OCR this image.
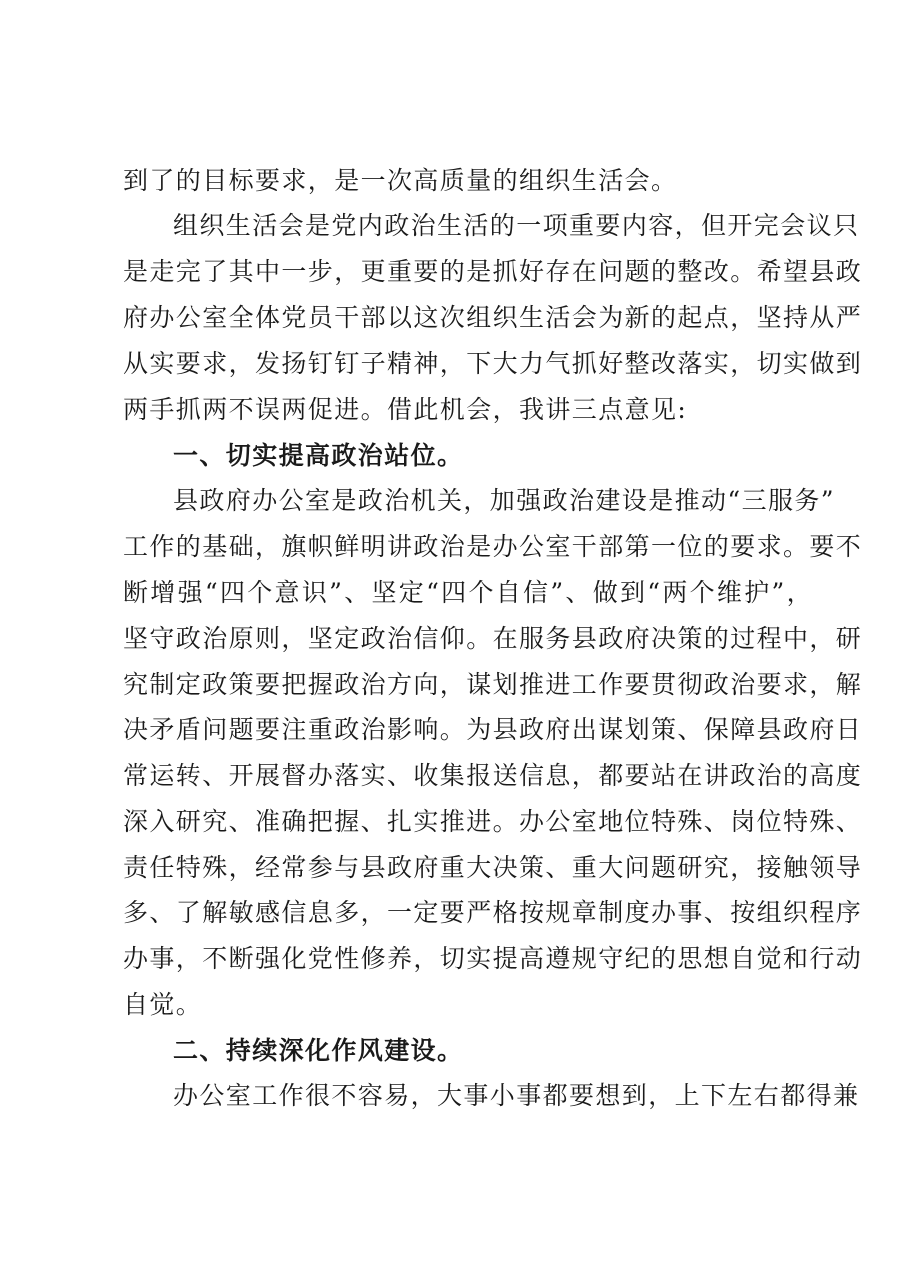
到了的目标要求，是一次高质量的组织生活会。
组织生活会是党内政治生活的一项重要内容，但开完会议只
是走完了其中一步，更重要的是抓好存在问题的整改。希望县政
府办公室全体党员干部以这次组织生活会为新的起点，坚持从严
从实要求，发扬钉钉子精神，下大力气抓好整改落实，切实做到
两手抓两不误两促进。借此机会，我讲三点意见:
一、切实提高政治站位。
县政府办公室是政治机关，加强政治建设是推动“三服务”
工作的基础，旗帜鲜明讲政治是办公室干部第一位的要求。要不
断增强“四个意识”、坚定“四个自信”、做到“两个维护”，
坚守政治原则，坚定政治信仰。在服务县政府决策的过程中，研
究制定政策要把握政治方向，谋划推进工作要贯彻政治要求，解
决矛盾问题要注重政治影响。为县政府出谋划策、保障县政府日
常运转、开展督办落实、收集报送信息，都要站在讲政治的高度
深入研究、准确把握、扎实推进。办公室地位特殊、岗位特殊、
责任特殊，经常参与县政府重大决策、重大问题研究，接触领导
多、了解敏感信息多，一定要严格按规章制度办事、按组织程序
办事，不断强化党性修养，切实提高遵规守纪的思想自觉和行动
自觉。
二、持续深化作风建设。
办公室工作很不容易，大事小事都要想到，上下左右都得兼
